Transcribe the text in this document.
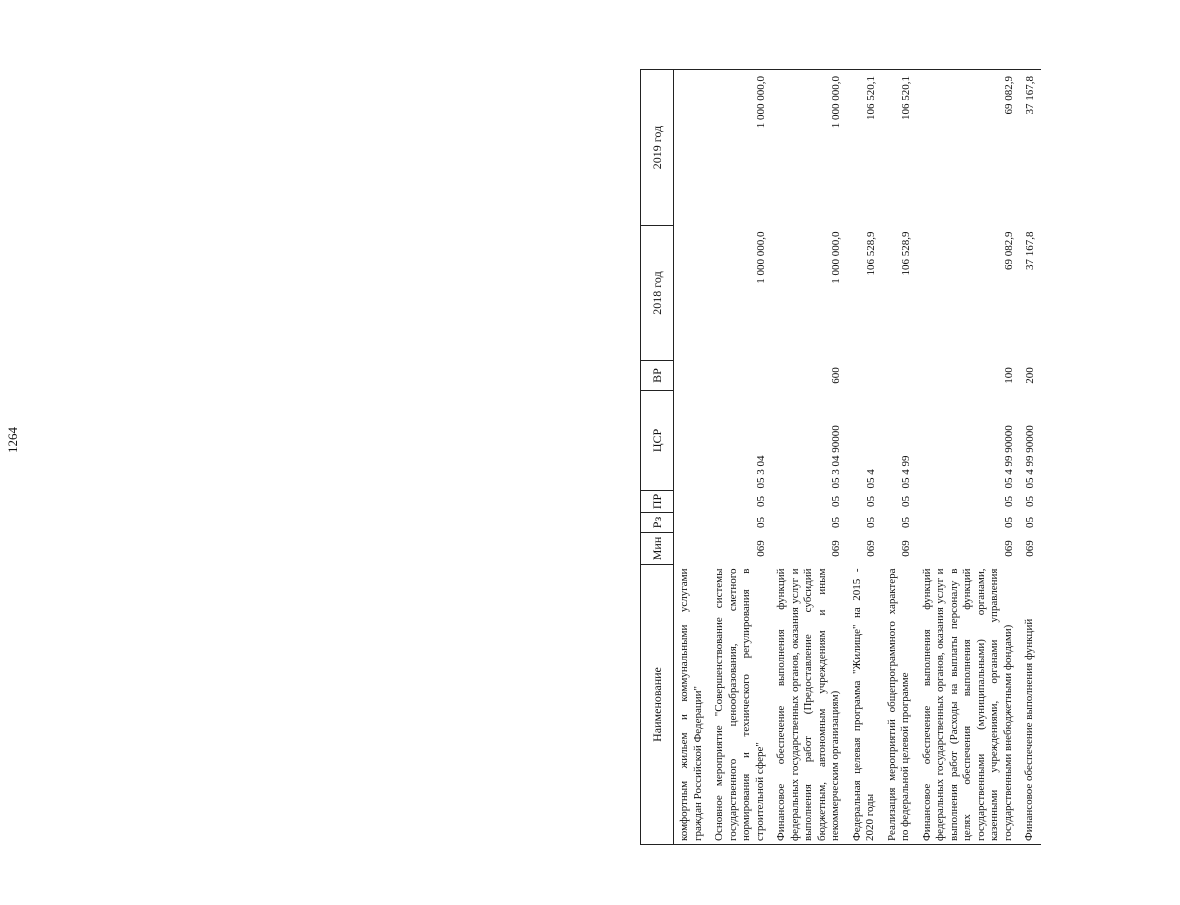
1264
Наименование	Мин	Рз	ПР	ЦСР	ВР	2018 год	2019 год
комфортным жильем и коммунальными услугами граждан Российской Федерации"							
Основное мероприятие "Совершенствование системы государственного ценообразования, сметного нормирования и технического регулирования в строительной сфере"	069	05	05	05 3 04		1 000 000,0	1 000 000,0
Финансовое обеспечение выполнения функций федеральных государственных органов, оказания услуг и выполнения работ (Предоставление субсидий бюджетным, автономным учреждениям и иным некоммерческим организациям)	069	05	05	05 3 04 90000	600	1 000 000,0	1 000 000,0
Федеральная целевая программа "Жилище" на 2015 - 2020 годы	069	05	05	05 4		106 528,9	106 520,1
Реализация мероприятий общепрограммного характера по федеральной целевой программе	069	05	05	05 4 99		106 528,9	106 520,1
Финансовое обеспечение выполнения функций федеральных государственных органов, оказания услуг и выполнения работ (Расходы на выплаты персоналу в целях обеспечения выполнения функций государственными (муниципальными) органами, казенными учреждениями, органами управления государственными внебюджетными фондами)	069	05	05	05 4 99 90000	100	69 082,9	69 082,9
Финансовое обеспечение выполнения функций	069	05	05	05 4 99 90000	200	37 167,8	37 167,8
